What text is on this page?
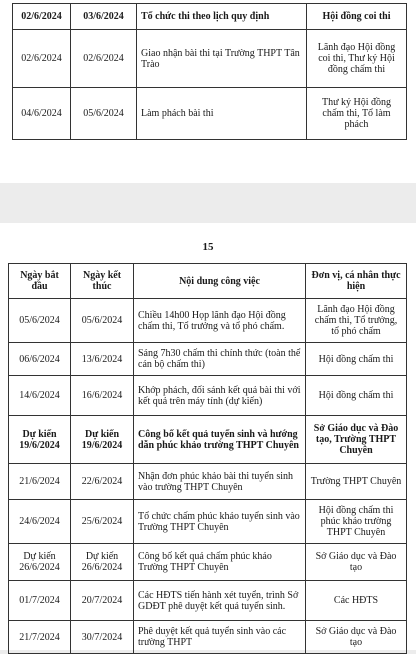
02/6/2024	03/6/2024	Tổ chức thi theo lịch quy định	Hội đồng coi thi
02/6/2024	02/6/2024	Giao nhận bài thi tại Trường THPT Tân Trào	Lãnh đạo Hội đồng coi thi, Thư ký Hội đồng chấm thi
04/6/2024	05/6/2024	Làm phách bài thi	Thư ký Hội đồng chấm thi, Tổ làm phách
Ngày bắt đầu	Ngày kết thúc	Nội dung công việc	Đơn vị, cá nhân thực hiện
05/6/2024	05/6/2024	Chiều 14h00 Họp lãnh đạo Hội đồng chấm thi, Tổ trưởng và tổ phó chấm.	Lãnh đạo Hội đồng chấm thi, Tổ trưởng, tổ phó chấm
06/6/2024	13/6/2024	Sáng 7h30 chấm thi chính thức (toàn thể cán bộ chấm thi)	Hội đồng chấm thi
14/6/2024	16/6/2024	Khớp phách, đối sánh kết quả bài thi với kết quả trên máy tính (dự kiến)	Hội đồng chấm thi
Dự kiến 19/6/2024	Dự kiến 19/6/2024	Công bố kết quả tuyển sinh và hướng dẫn phúc khảo trường THPT Chuyên	Sở Giáo dục và Đào tạo, Trường THPT Chuyên
21/6/2024	22/6/2024	Nhận đơn phúc khảo bài thi tuyển sinh vào trường THPT Chuyên	Trường THPT Chuyên
24/6/2024	25/6/2024	Tổ chức chấm phúc khảo tuyển sinh vào Trường THPT Chuyên	Hội đồng chấm thi phúc khảo trường THPT Chuyên
Dự kiến 26/6/2024	Dự kiến 26/6/2024	Công bố kết quả chấm phúc khảo Trường THPT Chuyên	Sở Giáo dục và Đào tạo
01/7/2024	20/7/2024	Các HĐTS tiến hành xét tuyển, trình Sở GDĐT phê duyệt kết quả tuyển sinh.	Các HĐTS
21/7/2024	30/7/2024	Phê duyệt kết quả tuyển sinh vào các trường THPT	Sở Giáo dục và Đào tạo
15
